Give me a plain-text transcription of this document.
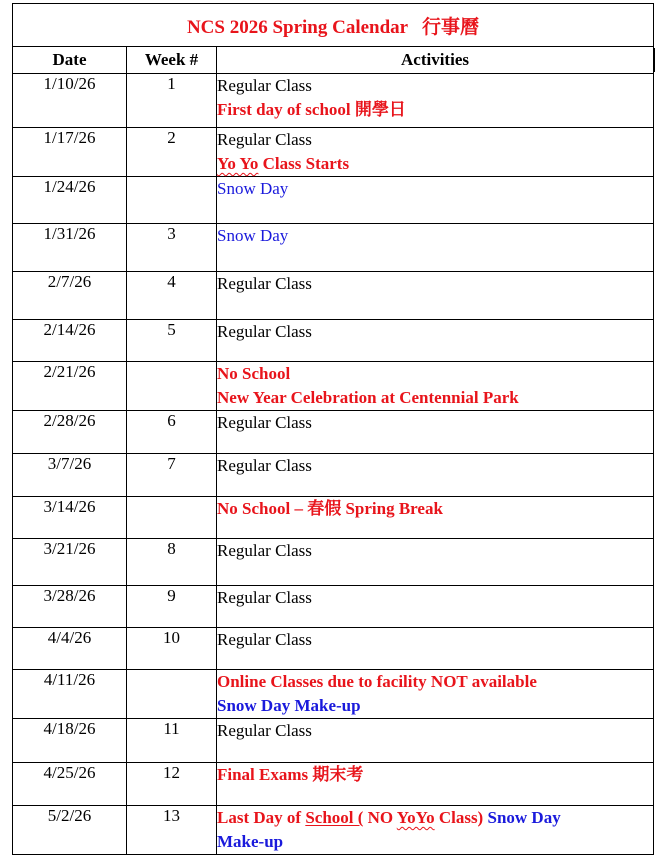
NCS 2026 Spring Calendar 行事曆		
Date	Week #	Activities
1/10/26	1	Regular Class
First day of school 開學日

1/17/26	2	Regular Class
Yo Yo Class Starts

1/24/26		Snow Day

1/31/26	3	Snow Day

2/7/26	4	Regular Class

2/14/26	5	Regular Class

2/21/26		No School
New Year Celebration at Centennial Park

2/28/26	6	Regular Class

3/7/26	7	Regular Class

3/14/26		No School – 春假 Spring Break

3/21/26	8	Regular Class

3/28/26	9	Regular Class

4/4/26	10	Regular Class

4/11/26		Online Classes due to facility NOT available
Snow Day Make-up

4/18/26	11	Regular Class

4/25/26	12	Final Exams 期末考

5/2/26	13	Last Day of School ( NO YoYo Class) Snow Day
Make-up
